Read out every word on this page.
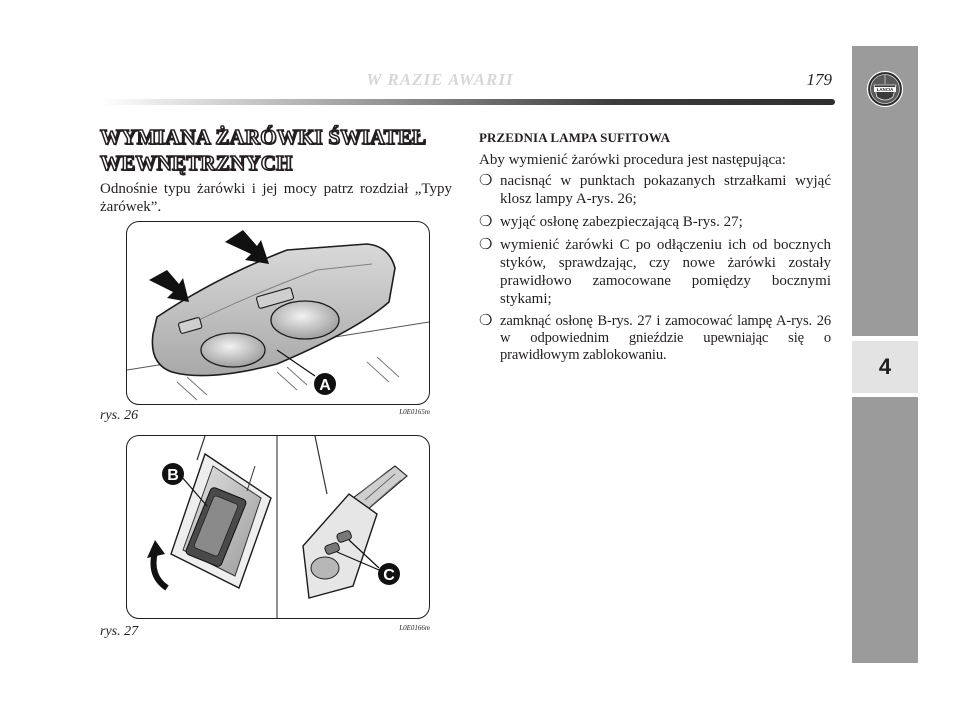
W RAZIE AWARII	179
LANCIA
4
WYMIANA ŻARÓWKI ŚWIATEŁ
WEWNĘTRZNYCH

Odnośnie typu żarówki i jej mocy patrz rozdział „Typy żarówek”.

A
rys. 26	L0E0165m
B
C
rys. 27	L0E0166m
PRZEDNIA LAMPA SUFITOWA

Aby wymienić żarówki procedura jest następująca:

❍ nacisnąć w punktach pokazanych strzałkami wyjąć klosz lampy A-rys. 26;
❍ wyjąć osłonę zabezpieczającą B-rys. 27;
❍ wymienić żarówki C po odłączeniu ich od bocznych styków, sprawdzając, czy nowe żarówki zostały prawidłowo zamocowane pomiędzy bocznymi stykami;
❍ zamknąć osłonę B-rys. 27 i zamocować lampę A-rys. 26 w odpowiednim gnieździe upewniając się o prawidłowym zablokowaniu.
